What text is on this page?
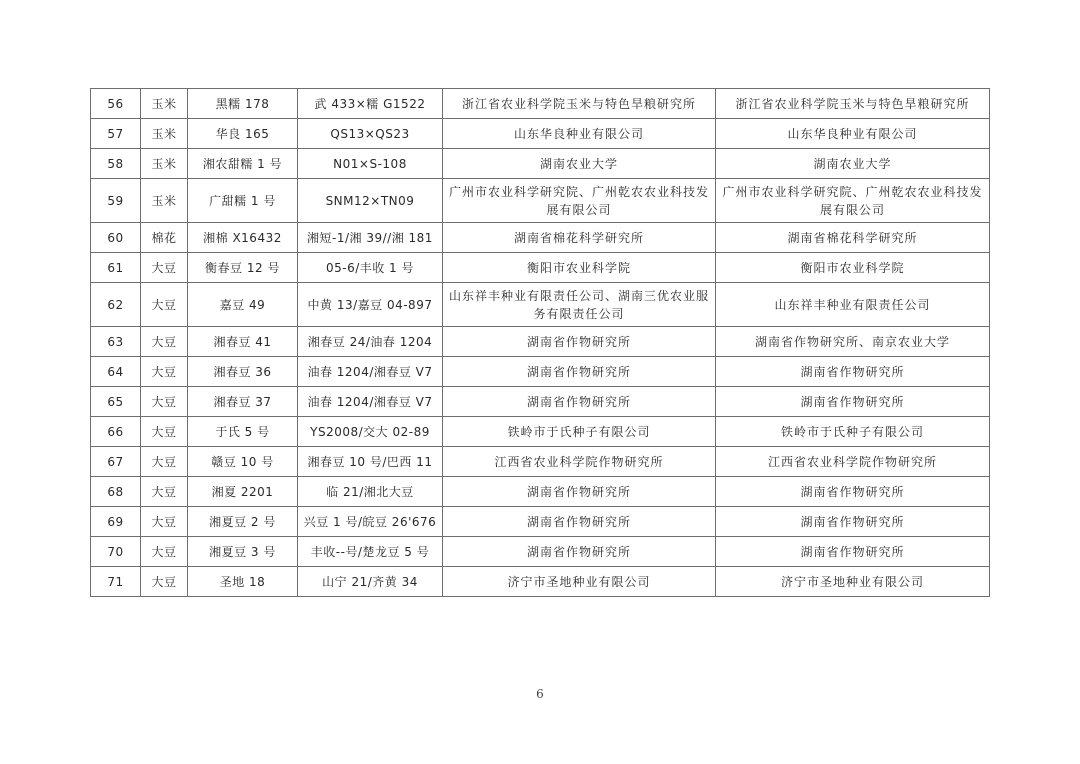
56	玉米	黑糯 178	武 433×糯 G1522	浙江省农业科学院玉米与特色旱粮研究所	浙江省农业科学院玉米与特色旱粮研究所
57	玉米	华良 165	QS13×QS23	山东华良种业有限公司	山东华良种业有限公司
58	玉米	湘农甜糯 1 号	N01×S-108	湖南农业大学	湖南农业大学
59	玉米	广甜糯 1 号	SNM12×TN09	广州市农业科学研究院、广州乾农农业科技发展有限公司	广州市农业科学研究院、广州乾农农业科技发展有限公司
60	棉花	湘棉 X16432	湘短-1/湘 39//湘 181	湖南省棉花科学研究所	湖南省棉花科学研究所
61	大豆	衡春豆 12 号	05-6/丰收 1 号	衡阳市农业科学院	衡阳市农业科学院
62	大豆	嘉豆 49	中黄 13/嘉豆 04-897	山东祥丰种业有限责任公司、湖南三优农业服务有限责任公司	山东祥丰种业有限责任公司
63	大豆	湘春豆 41	湘春豆 24/油春 1204	湖南省作物研究所	湖南省作物研究所、南京农业大学
64	大豆	湘春豆 36	油春 1204/湘春豆 V7	湖南省作物研究所	湖南省作物研究所
65	大豆	湘春豆 37	油春 1204/湘春豆 V7	湖南省作物研究所	湖南省作物研究所
66	大豆	于氏 5 号	YS2008/交大 02-89	铁岭市于氏种子有限公司	铁岭市于氏种子有限公司
67	大豆	赣豆 10 号	湘春豆 10 号/巴西 11	江西省农业科学院作物研究所	江西省农业科学院作物研究所
68	大豆	湘夏 2201	临 21/湘北大豆	湖南省作物研究所	湖南省作物研究所
69	大豆	湘夏豆 2 号	兴豆 1 号/皖豆 26'676	湖南省作物研究所	湖南省作物研究所
70	大豆	湘夏豆 3 号	丰收--号/楚龙豆 5 号	湖南省作物研究所	湖南省作物研究所
71	大豆	圣地 18	山宁 21/齐黄 34	济宁市圣地种业有限公司	济宁市圣地种业有限公司
6
